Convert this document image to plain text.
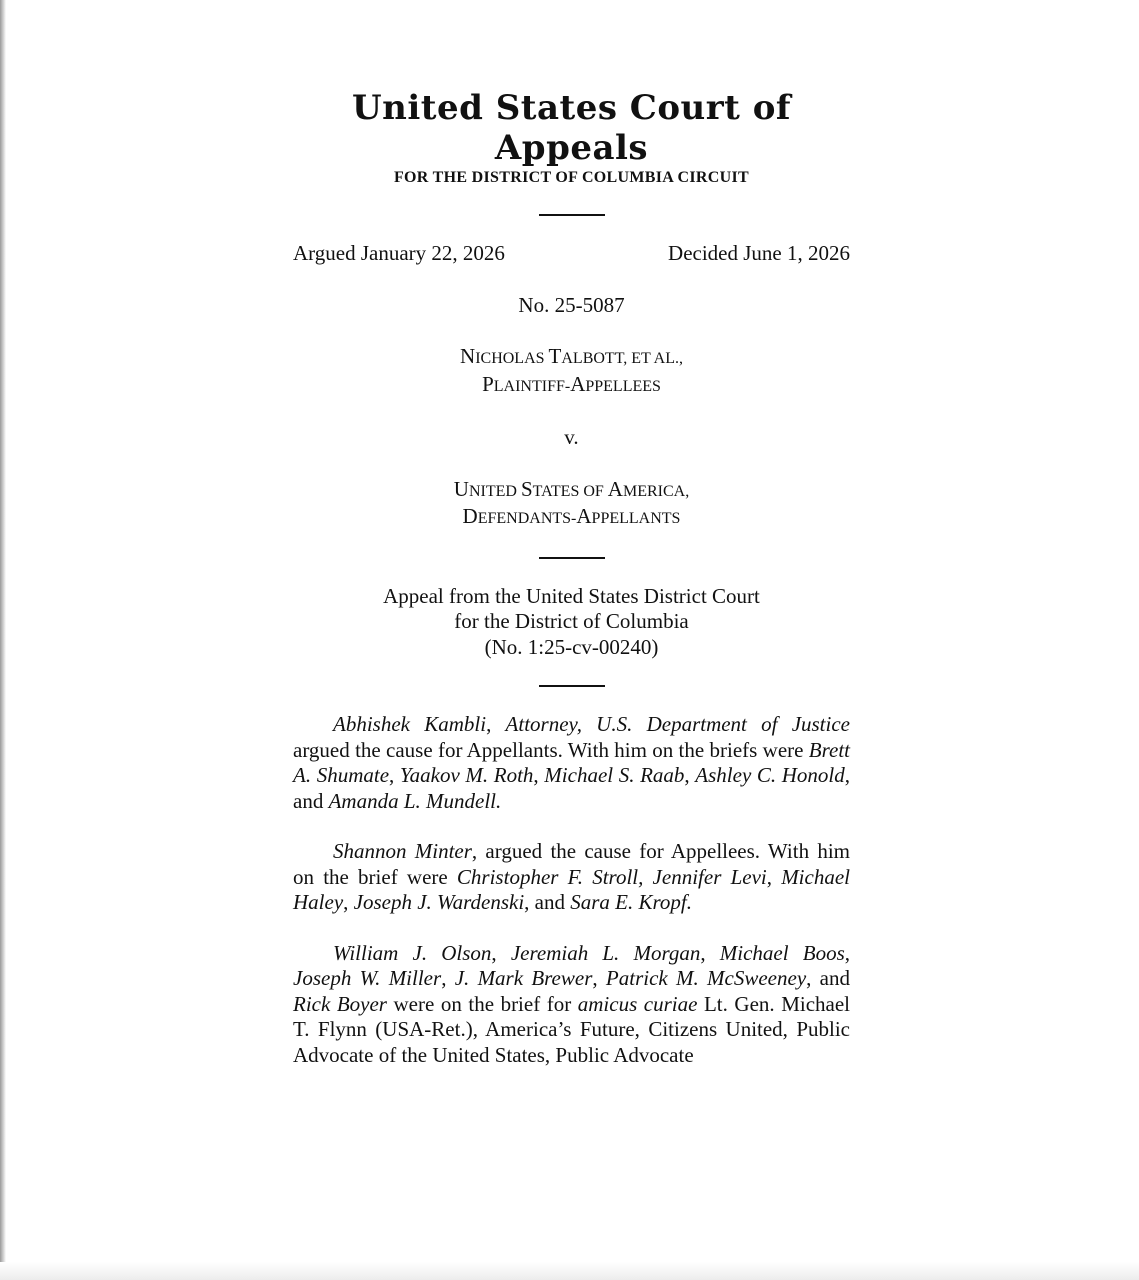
United States Court of Appeals
FOR THE DISTRICT OF COLUMBIA CIRCUIT
Argued January 22, 2026	Decided June 1, 2026
No. 25-5087
NICHOLAS TALBOTT, ET AL.,
PLAINTIFF-APPELLEES
v.
UNITED STATES OF AMERICA,
DEFENDANTS-APPELLANTS
Appeal from the United States District Court
for the District of Columbia
(No. 1:25-cv-00240)

Abhishek Kambli, Attorney, U.S. Department of Justice argued the cause for Appellants. With him on the briefs were Brett A. Shumate, Yaakov M. Roth, Michael S. Raab, Ashley C. Honold, and Amanda L. Mundell.

Shannon Minter, argued the cause for Appellees. With him on the brief were Christopher F. Stroll, Jennifer Levi, Michael Haley, Joseph J. Wardenski, and Sara E. Kropf.

William J. Olson, Jeremiah L. Morgan, Michael Boos, Joseph W. Miller, J. Mark Brewer, Patrick M. McSweeney, and Rick Boyer were on the brief for amicus curiae Lt. Gen. Michael T. Flynn (USA-Ret.), America’s Future, Citizens United, Public Advocate of the United States, Public Advocate
